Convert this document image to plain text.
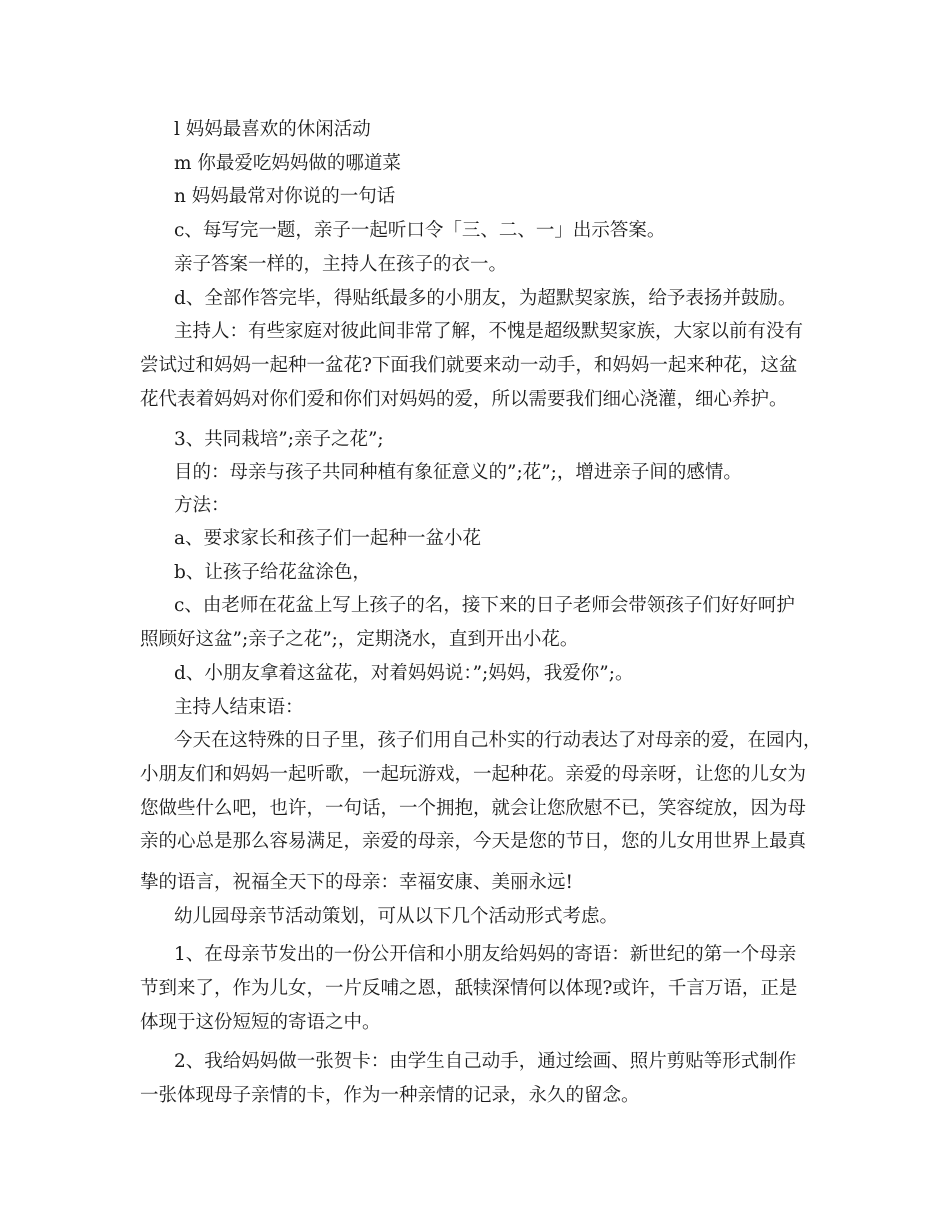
l 妈妈最喜欢的休闲活动
m 你最爱吃妈妈做的哪道菜
n 妈妈最常对你说的一句话
c、每写完一题，亲子一起听口令「三、二、一」出示答案。
亲子答案一样的，主持人在孩子的衣一。
d、全部作答完毕，得贴纸最多的小朋友，为超默契家族，给予表扬并鼓励。
主持人：有些家庭对彼此间非常了解，不愧是超级默契家族，大家以前有没有
尝试过和妈妈一起种一盆花?下面我们就要来动一动手，和妈妈一起来种花，这盆
花代表着妈妈对你们爱和你们对妈妈的爱，所以需要我们细心浇灌，细心养护。
3、共同栽培”;亲子之花”;
目的：母亲与孩子共同种植有象征意义的”;花”;，增进亲子间的感情。
方法：
a、要求家长和孩子们一起种一盆小花
b、让孩子给花盆涂色，
c、由老师在花盆上写上孩子的名，接下来的日子老师会带领孩子们好好呵护
照顾好这盆”;亲子之花”;，定期浇水，直到开出小花。
d、小朋友拿着这盆花，对着妈妈说：”;妈妈，我爱你”;。
主持人结束语：
今天在这特殊的日子里，孩子们用自己朴实的行动表达了对母亲的爱，在园内，
小朋友们和妈妈一起听歌，一起玩游戏，一起种花。亲爱的母亲呀，让您的儿女为
您做些什么吧，也许，一句话，一个拥抱，就会让您欣慰不已，笑容绽放，因为母
亲的心总是那么容易满足，亲爱的母亲，今天是您的节日，您的儿女用世界上最真
挚的语言，祝福全天下的母亲：幸福安康、美丽永远!
幼儿园母亲节活动策划，可从以下几个活动形式考虑。
1、在母亲节发出的一份公开信和小朋友给妈妈的寄语：新世纪的第一个母亲
节到来了，作为儿女，一片反哺之恩，舐犊深情何以体现?或许，千言万语，正是
体现于这份短短的寄语之中。
2、我给妈妈做一张贺卡：由学生自己动手，通过绘画、照片剪贴等形式制作
一张体现母子亲情的卡，作为一种亲情的记录，永久的留念。
